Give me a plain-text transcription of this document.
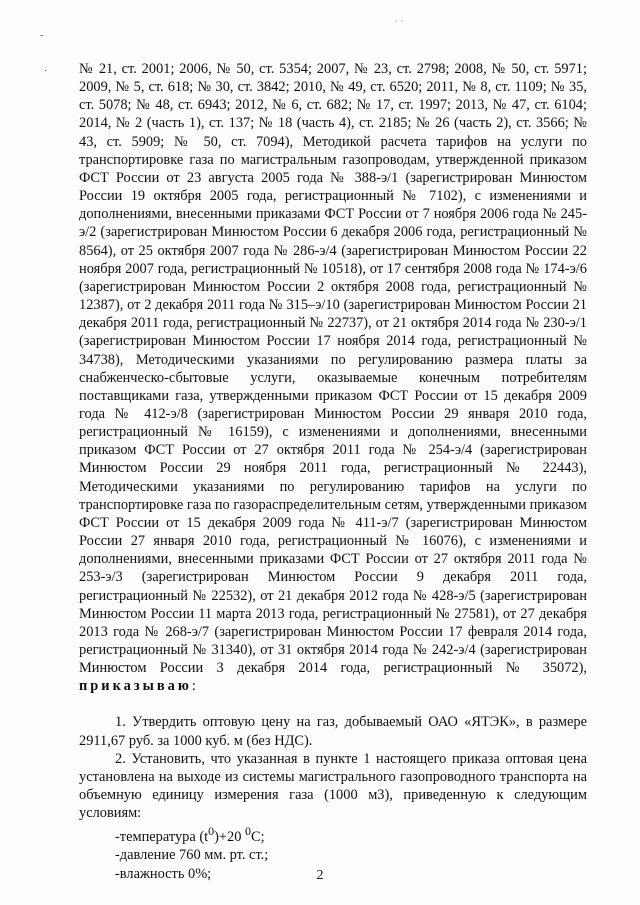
-
·
· ·

№ 21, ст. 2001; 2006, № 50, ст. 5354; 2007, № 23, ст. 2798; 2008, № 50, ст. 5971; 2009, № 5, ст. 618; № 30, ст. 3842; 2010, № 49, ст. 6520; 2011, № 8, ст. 1109; № 35, ст. 5078; № 48, ст. 6943; 2012, № 6, ст. 682; № 17, ст. 1997; 2013, № 47, ст. 6104; 2014, № 2 (часть 1), ст. 137; № 18 (часть 4), ст. 2185; № 26 (часть 2), ст. 3566; № 43, ст. 5909; № 50, ст. 7094), Методикой расчета тарифов на услуги по транспортировке газа по магистральным газопроводам, утвержденной приказом ФСТ России от 23 августа 2005 года № 388-э/1 (зарегистрирован Минюстом России 19 октября 2005 года, регистрационный № 7102), с изменениями и дополнениями, внесенными приказами ФСТ России от 7 ноября 2006 года № 245-э/2 (зарегистрирован Минюстом России 6 декабря 2006 года, регистрационный № 8564), от 25 октября 2007 года № 286-э/4 (зарегистрирован Минюстом России 22 ноября 2007 года, регистрационный № 10518), от 17 сентября 2008 года № 174-э/6 (зарегистрирован Минюстом России 2 октября 2008 года, регистрационный № 12387), от 2 декабря 2011 года № 315–э/10 (зарегистрирован Минюстом России 21 декабря 2011 года, регистрационный № 22737), от 21 октября 2014 года № 230-э/1 (зарегистрирован Минюстом России 17 ноября 2014 года, регистрационный № 34738), Методическими указаниями по регулированию размера платы за снабженческо-сбытовые услуги, оказываемые конечным потребителям поставщиками газа, утвержденными приказом ФСТ России от 15 декабря 2009 года № 412-э/8 (зарегистрирован Минюстом России 29 января 2010 года, регистрационный № 16159), с изменениями и дополнениями, внесенными приказом ФСТ России от 27 октября 2011 года № 254-э/4 (зарегистрирован Минюстом России 29 ноября 2011 года, регистрационный № 22443), Методическими указаниями по регулированию тарифов на услуги по транспортировке газа по газораспределительным сетям, утвержденными приказом ФСТ России от 15 декабря 2009 года № 411-э/7 (зарегистрирован Минюстом России 27 января 2010 года, регистрационный № 16076), с изменениями и дополнениями, внесенными приказами ФСТ России от 27 октября 2011 года № 253-э/3 (зарегистрирован Минюстом России 9 декабря 2011 года, регистрационный № 22532), от 21 декабря 2012 года № 428-э/5 (зарегистрирован Минюстом России 11 марта 2013 года, регистрационный № 27581), от 27 декабря 2013 года № 268-э/7 (зарегистрирован Минюстом России 17 февраля 2014 года, регистрационный № 31340), от 31 октября 2014 года № 242-э/4 (зарегистрирован Минюстом России 3 декабря 2014 года, регистрационный № 35072), приказываю:

1. Утвердить оптовую цену на газ, добываемый ОАО «ЯТЭК», в размере 2911,67 руб. за 1000 куб. м (без НДС).

2. Установить, что указанная в пункте 1 настоящего приказа оптовая цена установлена на выходе из системы магистрального газопроводного транспорта на объемную единицу измерения газа (1000 м3), приведенную к следующим условиям:

-температура $(t^0)+20$ $^0$C;

-давление 760 мм. рт. ст.;

-влажность 0%;	2
